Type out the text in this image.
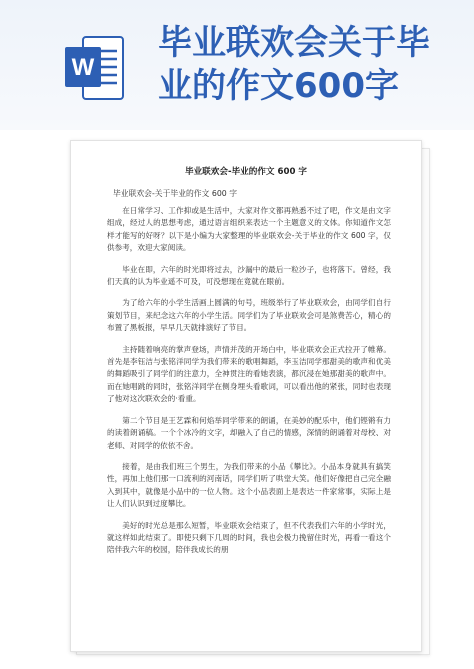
W
毕业联欢会关于毕
业的作文600字
毕业联欢会-毕业的作文 600 字
毕业联欢会-关于毕业的作文 600 字

在日常学习、工作抑或是生活中，大家对作文都再熟悉不过了吧，作文是由文字组成，经过人的思想考虑，通过语言组织来表达一个主题意义的文体。你知道作文怎样才能写的好呀？以下是小编为大家整理的毕业联欢会-关于毕业的作文 600 字，仅供参考，欢迎大家阅读。

毕业在即，六年的时光即将过去，沙漏中的最后一粒沙子，也将落下。曾经，我们天真的认为毕业遥不可及，可没想现在竟就在眼前。

为了给六年的小学生活画上圆满的句号，班级举行了毕业联欢会，由同学们自行策划节目，来纪念这六年的小学生活。同学们为了毕业联欢会可是煞费苦心，精心的布置了黑板报，早早几天就排演好了节目。

主持随着响亮的掌声登场，声情并茂的开场白中，毕业联欢会正式拉开了帷幕。首先是李钰洁与张铭洋同学为我们带来的歌唱舞蹈，李玉洁同学那甜美的歌声和优美的舞蹈吸引了同学们的注意力，全神贯注的看她表演，都沉浸在她那甜美的歌声中。而在她唱跳的同时，张铭洋同学在侧身埋头看歌词，可以看出他的紧张，同时也表现了他对这次联欢会的·看重。

第二个节目是王艺霖和何焰举同学带来的朗诵，在美妙的配乐中，他们铿锵有力的读着朗诵稿。一个个冰冷的文字，却融入了自己的情感，深情的朗诵着对母校、对老师、对同学的依依不舍。

接着，是由我们班三个男生，为我们带来的小品《攀比》。小品本身就具有搞笑性，再加上他们那一口流利的河南话，同学们听了哄堂大笑。他们好像把自己完全融入到其中，就像是小品中的一位人物。这个小品表面上是表达一件家常事，实际上是让人们认识到过度攀比。

美好的时光总是那么短暂，毕业联欢会结束了，但不代表我们六年的小学时光，就这样如此结束了。即使只剩下几周的时间，我也会极力挽留住时光，再看一看这个陪伴我六年的校园，陪伴我成长的朋
